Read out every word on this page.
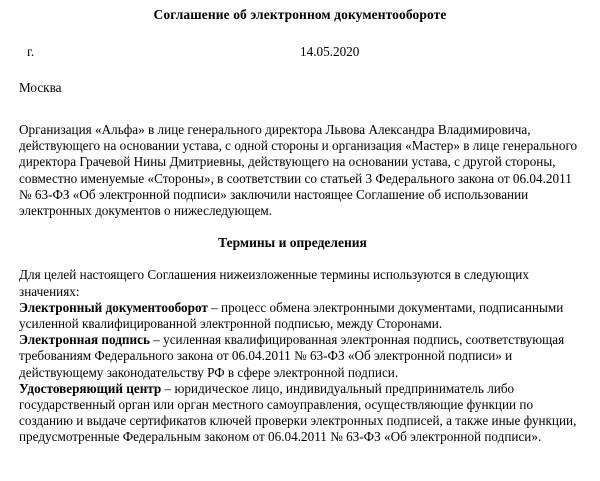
Соглашение об электронном документообороте
г.	14.05.2020

Москва

Организация «Альфа» в лице генерального директора Львова Александра Владимировича, действующего на основании устава, с одной стороны и организация «Мастер» в лице генерального директора Грачевой Нины Дмитриевны, действующего на основании устава, с другой стороны, совместно именуемые «Стороны», в соответствии со статьей 3 Федерального закона от 06.04.2011 № 63-ФЗ «Об электронной подписи» заключили настоящее Соглашение об использовании электронных документов о нижеследующем.

Термины и определения

Для целей настоящего Соглашения нижеизложенные термины используются в следующих значениях:

Электронный документооборот – процесс обмена электронными документами, подписанными усиленной квалифицированной электронной подписью, между Сторонами.

Электронная подпись – усиленная квалифицированная электронная подпись, соответствующая требованиям Федерального закона от 06.04.2011 № 63-ФЗ «Об электронной подписи» и действующему законодательству РФ в сфере электронной подписи.

Удостоверяющий центр – юридическое лицо, индивидуальный предприниматель либо государственный орган или орган местного самоуправления, осуществляющие функции по созданию и выдаче сертификатов ключей проверки электронных подписей, а также иные функции, предусмотренные Федеральным законом от 06.04.2011 № 63-ФЗ «Об электронной подписи».
